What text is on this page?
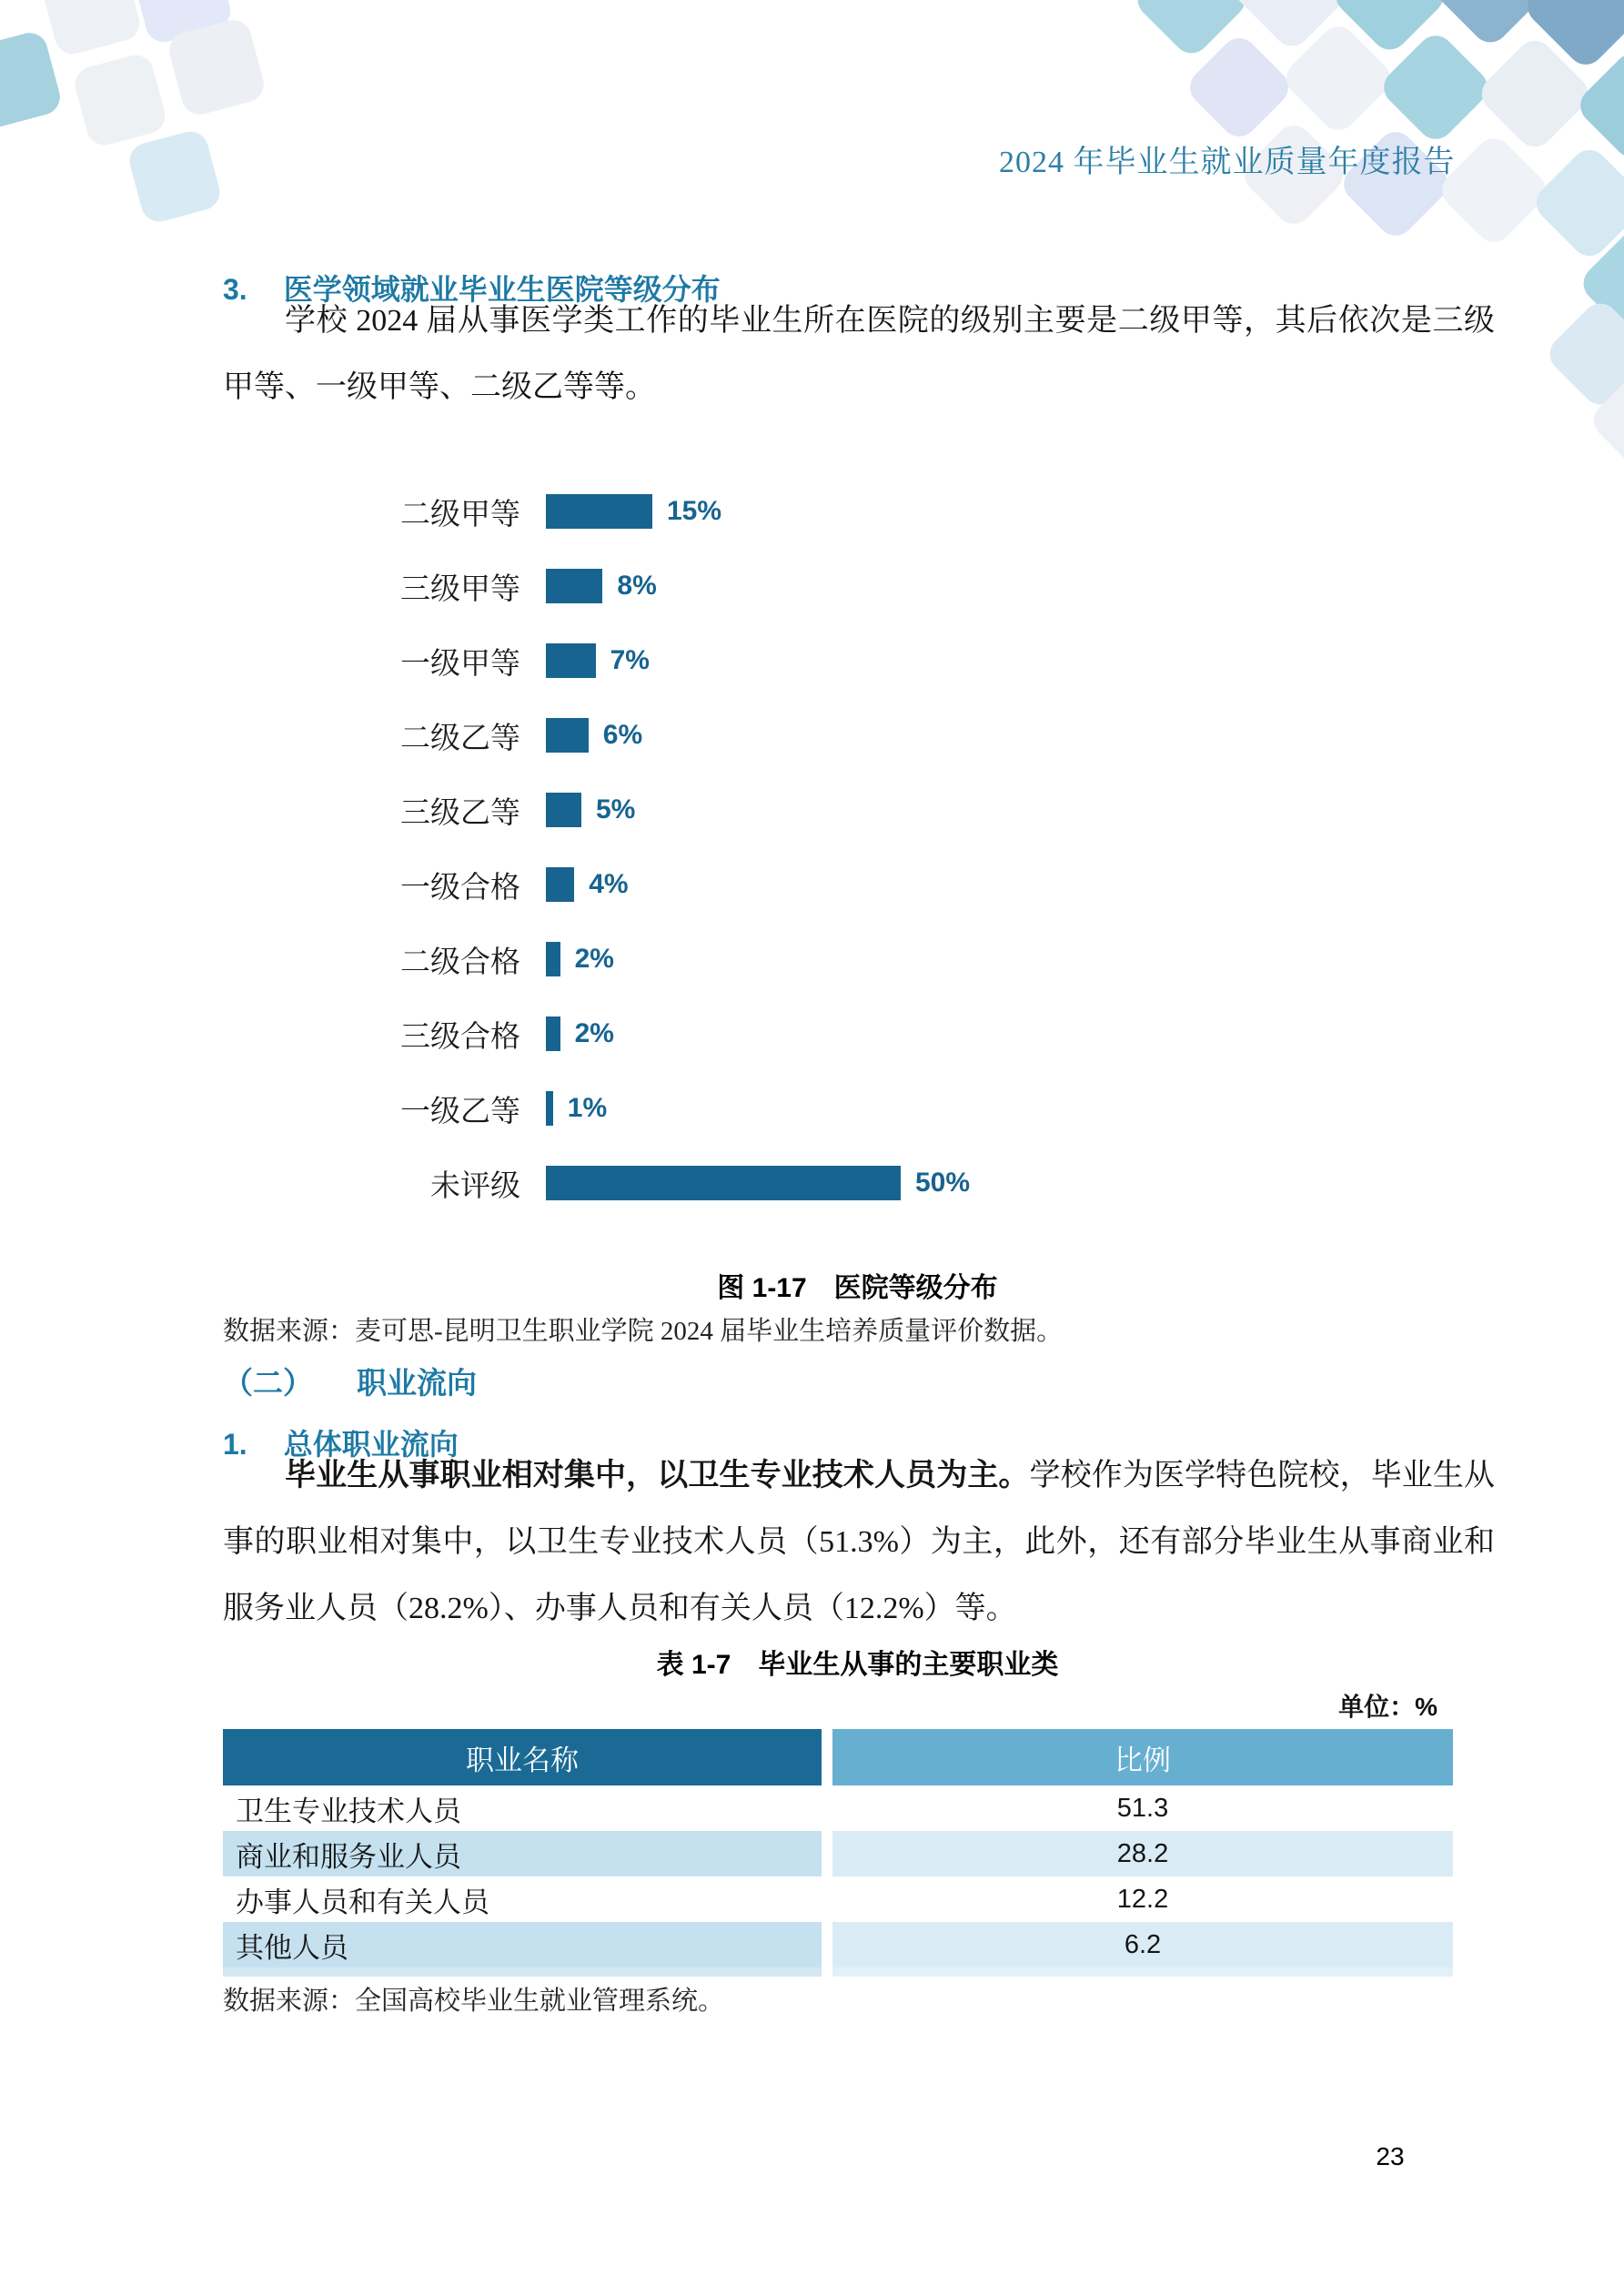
2024 年毕业生就业质量年度报告
3. 医学领域就业毕业生医院等级分布

学校 2024 届从事医学类工作的毕业生所在医院的级别主要是二级甲等，其后依次是三级甲等、一级甲等、二级乙等等。

二级甲等	15%
三级甲等	8%
一级甲等	7%
二级乙等	6%
三级乙等	5%
一级合格	4%
二级合格 2%
三级合格 2%
一级乙等 1%
未评级	50%
图 1-17　医院等级分布
数据来源：麦可思-昆明卫生职业学院 2024 届毕业生培养质量评价数据。
（二） 职业流向
1. 总体职业流向

毕业生从事职业相对集中，以卫生专业技术人员为主。学校作为医学特色院校，毕业生从事的职业相对集中，以卫生专业技术人员（51.3%）为主，此外，还有部分毕业生从事商业和服务业人员（28.2%）、办事人员和有关人员（12.2%）等。

表 1-7　毕业生从事的主要职业类
单位：%
职业名称	比例
卫生专业技术人员	51.3
商业和服务业人员	28.2
办事人员和有关人员	12.2
其他人员	6.2
数据来源：全国高校毕业生就业管理系统。
23
